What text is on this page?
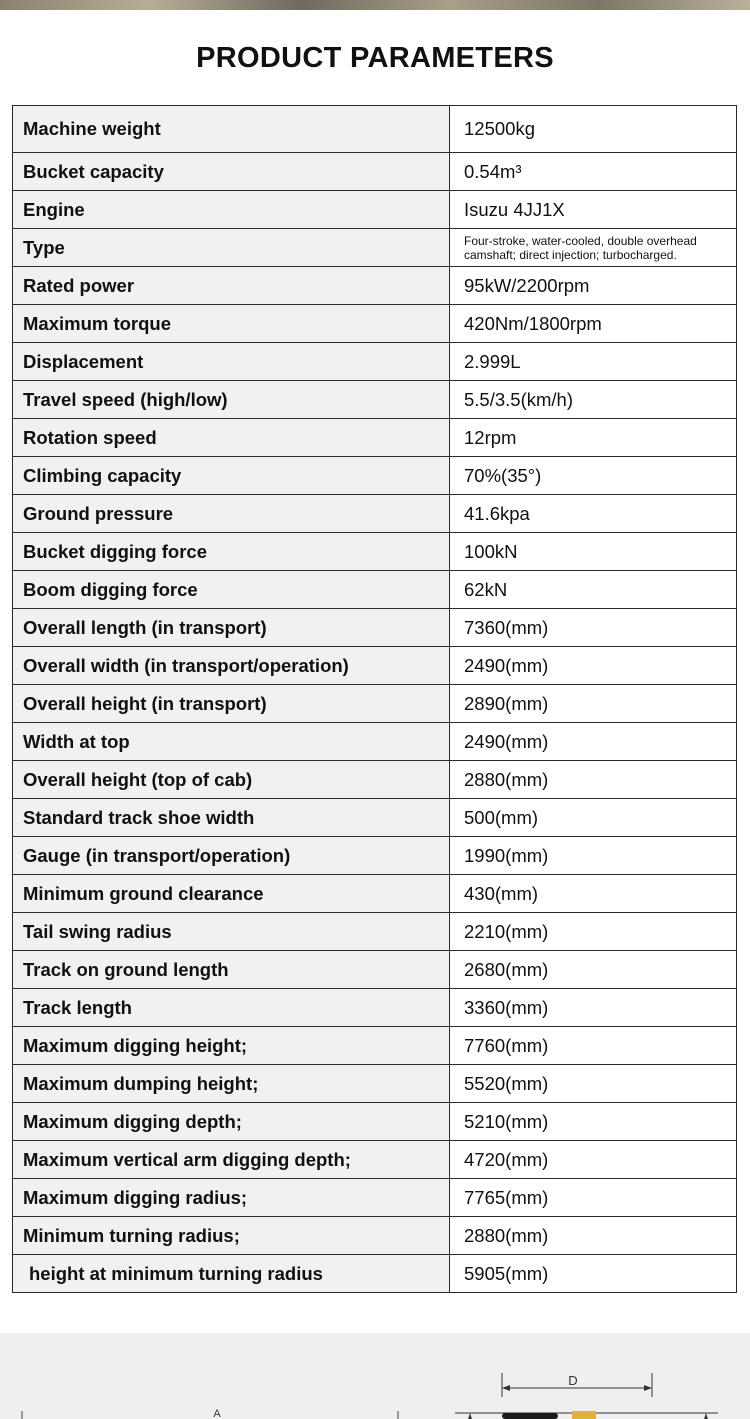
PRODUCT PARAMETERS
Machine weight	12500kg
Bucket capacity	0.54m³
Engine	Isuzu 4JJ1X
Type	Four-stroke, water-cooled, double overhead camshaft; direct injection; turbocharged.
Rated power	95kW/2200rpm
Maximum torque	420Nm/1800rpm
Displacement	2.999L
Travel speed (high/low)	5.5/3.5(km/h)
Rotation speed	12rpm
Climbing capacity	70%(35°)
Ground pressure	41.6kpa
Bucket digging force	100kN
Boom digging force	62kN
Overall length (in transport)	7360(mm)
Overall width (in transport/operation)	2490(mm)
Overall height (in transport)	2890(mm)
Width at top	2490(mm)
Overall height (top of cab)	2880(mm)
Standard track shoe width	500(mm)
Gauge (in transport/operation)	1990(mm)
Minimum ground clearance	430(mm)
Tail swing radius	2210(mm)
Track on ground length	2680(mm)
Track length	3360(mm)
Maximum digging height;	7760(mm)
Maximum dumping height;	5520(mm)
Maximum digging depth;	5210(mm)
Maximum vertical arm digging depth;	4720(mm)
Maximum digging radius;	7765(mm)
Minimum turning radius;	2880(mm)
height at minimum turning radius	5905(mm)
A
D
